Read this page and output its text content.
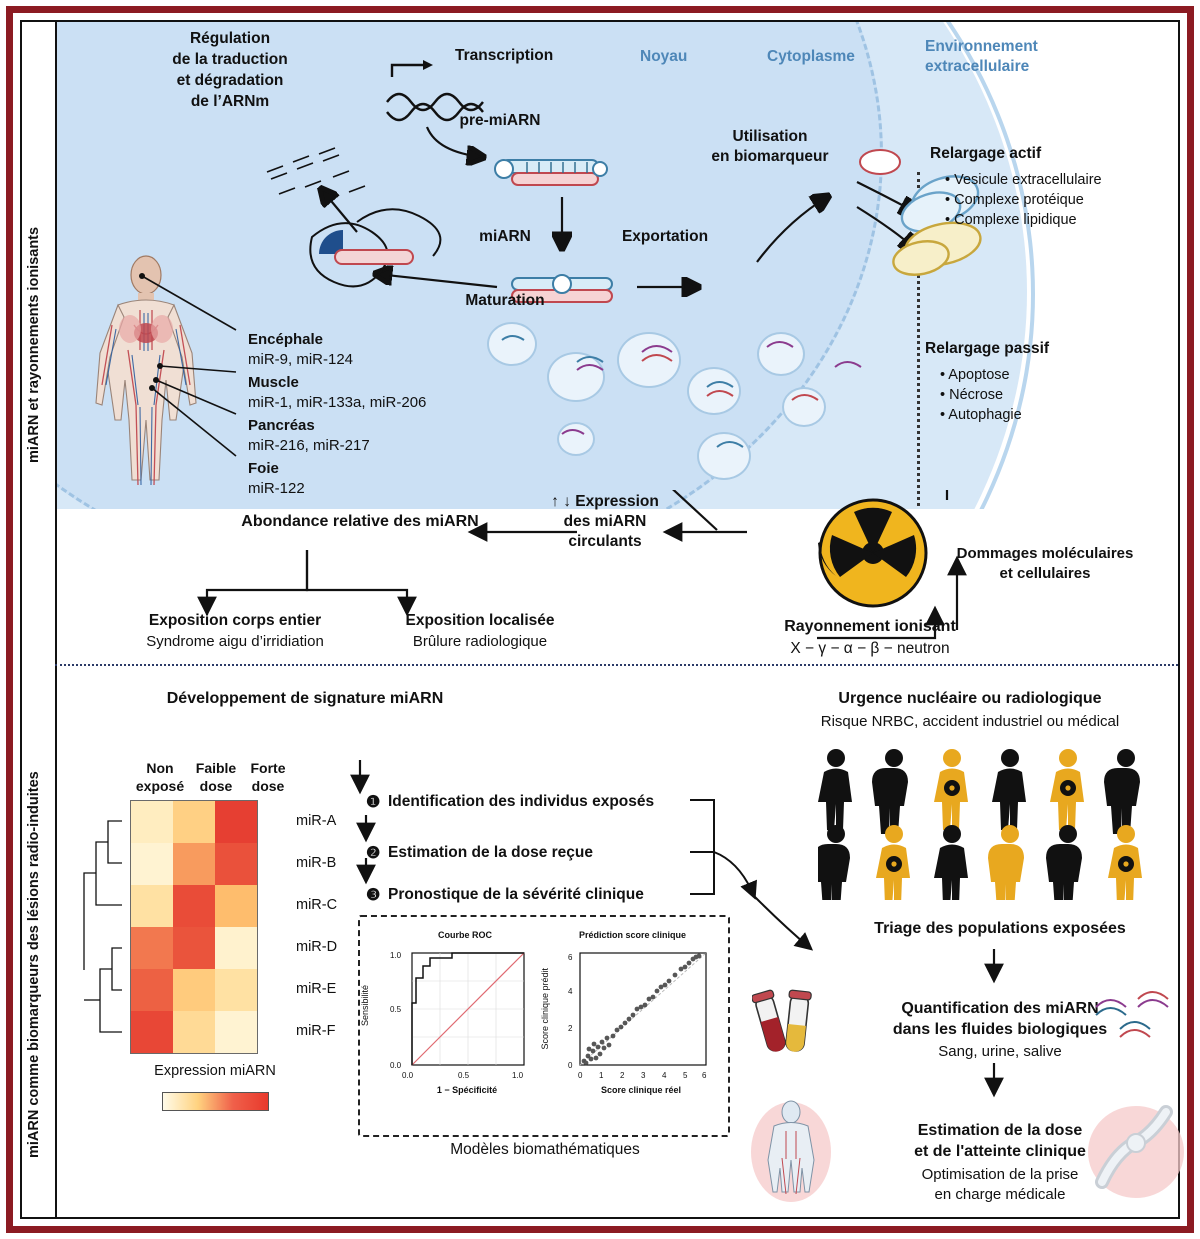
miARN et rayonnements ionisants
miARN comme biomarqueurs des lésions radio-induites
Transcription	Noyau	Cytoplasme
Environnement
extracellulaire
pre-miARN
miARN
Maturation
Exportation
Utilisation
en biomarqueur
Régulation
de la traduction
et dégradation
de l’ARNm
Relargage actif
• Vesicule extracellulaire
• Complexe protéique
• Complexe lipidique
Relargage passif
• Apoptose
• Nécrose
• Autophagie
Encéphale
miR-9, miR-124
Muscle
miR-1, miR-133a, miR-206
Pancréas
miR-216, miR-217
Foie
miR-122
Abondance relative des miARN
↑ ↓ Expression
des miARN
circulants
Exposition corps entier
Syndrome aigu d’irridiation
Exposition localisée
Brûlure radiologique
Rayonnement ionisant
X − γ − α − β − neutron
Dommages moléculaires
et cellulaires
Développement de signature miARN
Non
exposé
Faible
dose
Forte
dose
miR-A
miR-B
miR-C
miR-D
miR-E
miR-F
Expression miARN
❶ Identification des individus exposés
❷ Estimation de la dose reçue
❸ Pronostique de la sévérité clinique
Courbe ROC	Prédiction score clinique
0.0
0.5
1.0
0.0	0.5	1.0
Sensibilité
1 − Spécificité
0
2
4
6
0 1 2 3 4 5 6
Score clinique prédit
Score clinique réel
Modèles biomathématiques
Urgence nucléaire ou radiologique
Risque NRBC, accident industriel ou médical
Triage des populations exposées
Quantification des miARN
dans les fluides biologiques
Sang, urine, salive
Estimation de la dose
et de l'atteinte clinique
Optimisation de la prise
en charge médicale
